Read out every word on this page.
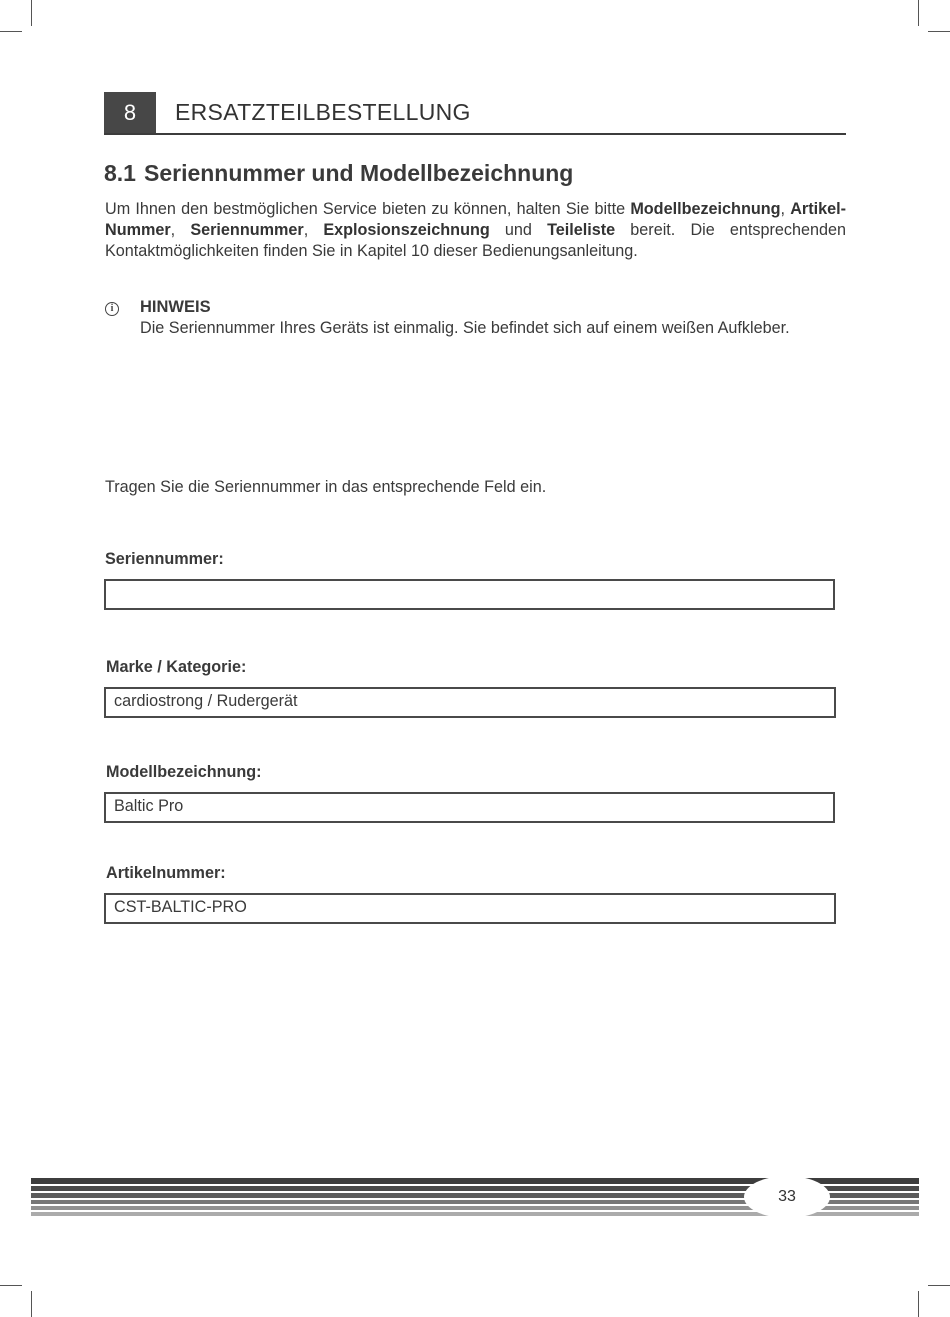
8	ERSATZTEILBESTELLUNG
8.1 Seriennummer und Modellbezeichnung
Um Ihnen den bestmöglichen Service bieten zu können, halten Sie bitte Modellbezeichnung, Artikel-Nummer, Seriennummer, Explosionszeichnung und Teileliste bereit. Die entsprechenden Kontaktmöglichkeiten finden Sie in Kapitel 10 dieser Bedienungsanleitung.
i	HINWEIS
Die Seriennummer Ihres Geräts ist einmalig. Sie befindet sich auf einem weißen Aufkleber.
Tragen Sie die Seriennummer in das entsprechende Feld ein.
Seriennummer:
Marke / Kategorie:
cardiostrong / Rudergerät
Modellbezeichnung:
Baltic Pro
Artikelnummer:
CST-BALTIC-PRO
33
